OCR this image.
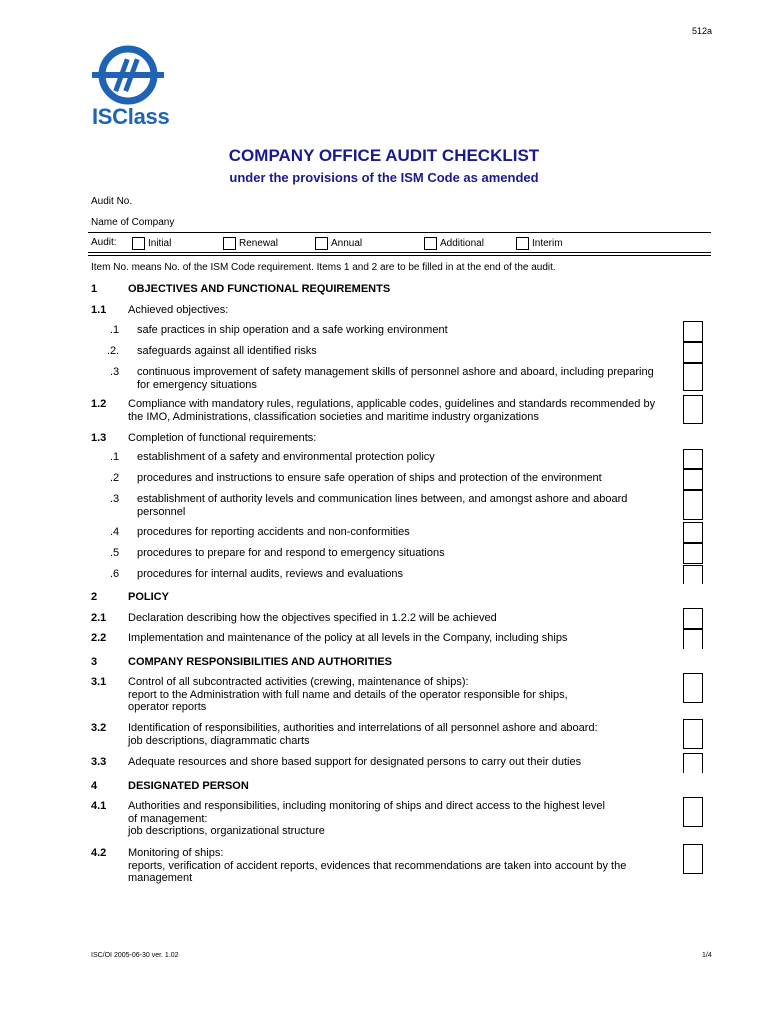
512a
ISClass
COMPANY OFFICE AUDIT CHECKLIST
under the provisions of the ISM Code as amended
Audit No.
Name of Company
Audit:	Initial	Renewal	Annual	Additional	Interim
Item No. means No. of the ISM Code requirement. Items 1 and 2 are to be filled in at the end of the audit.
1	OBJECTIVES AND FUNCTIONAL REQUIREMENTS
1.1 Achieved objectives:
.1 safe practices in ship operation and a safe working environment
.2. safeguards against all identified risks
.3 continuous improvement of safety management skills of personnel ashore and aboard, including preparing for emergency situations
1.2 Compliance with mandatory rules, regulations, applicable codes, guidelines and standards recommended by the IMO, Administrations, classification societies and maritime industry organizations
1.3 Completion of functional requirements:
.1 establishment of a safety and environmental protection policy
.2 procedures and instructions to ensure safe operation of ships and protection of the environment
.3 establishment of authority levels and communication lines between, and amongst ashore and aboard personnel
.4 procedures for reporting accidents and non-conformities
.5 procedures to prepare for and respond to emergency situations
.6 procedures for internal audits, reviews and evaluations
2	POLICY
2.1 Declaration describing how the objectives specified in 1.2.2 will be achieved
2.2 Implementation and maintenance of the policy at all levels in the Company, including ships
3	COMPANY RESPONSIBILITIES AND AUTHORITIES
3.1 Control of all subcontracted activities (crewing, maintenance of ships):
report to the Administration with full name and details of the operator responsible for ships,
operator reports
3.2 Identification of responsibilities, authorities and interrelations of all personnel ashore and aboard:
job descriptions, diagrammatic charts
3.3 Adequate resources and shore based support for designated persons to carry out their duties
4	DESIGNATED PERSON
4.1 Authorities and responsibilities, including monitoring of ships and direct access to the highest level
of management:
job descriptions, organizational structure
4.2 Monitoring of ships:
reports, verification of accident reports, evidences that recommendations are taken into account by the
management
ISC/OI 2005-06-30 ver. 1.02	1/4
